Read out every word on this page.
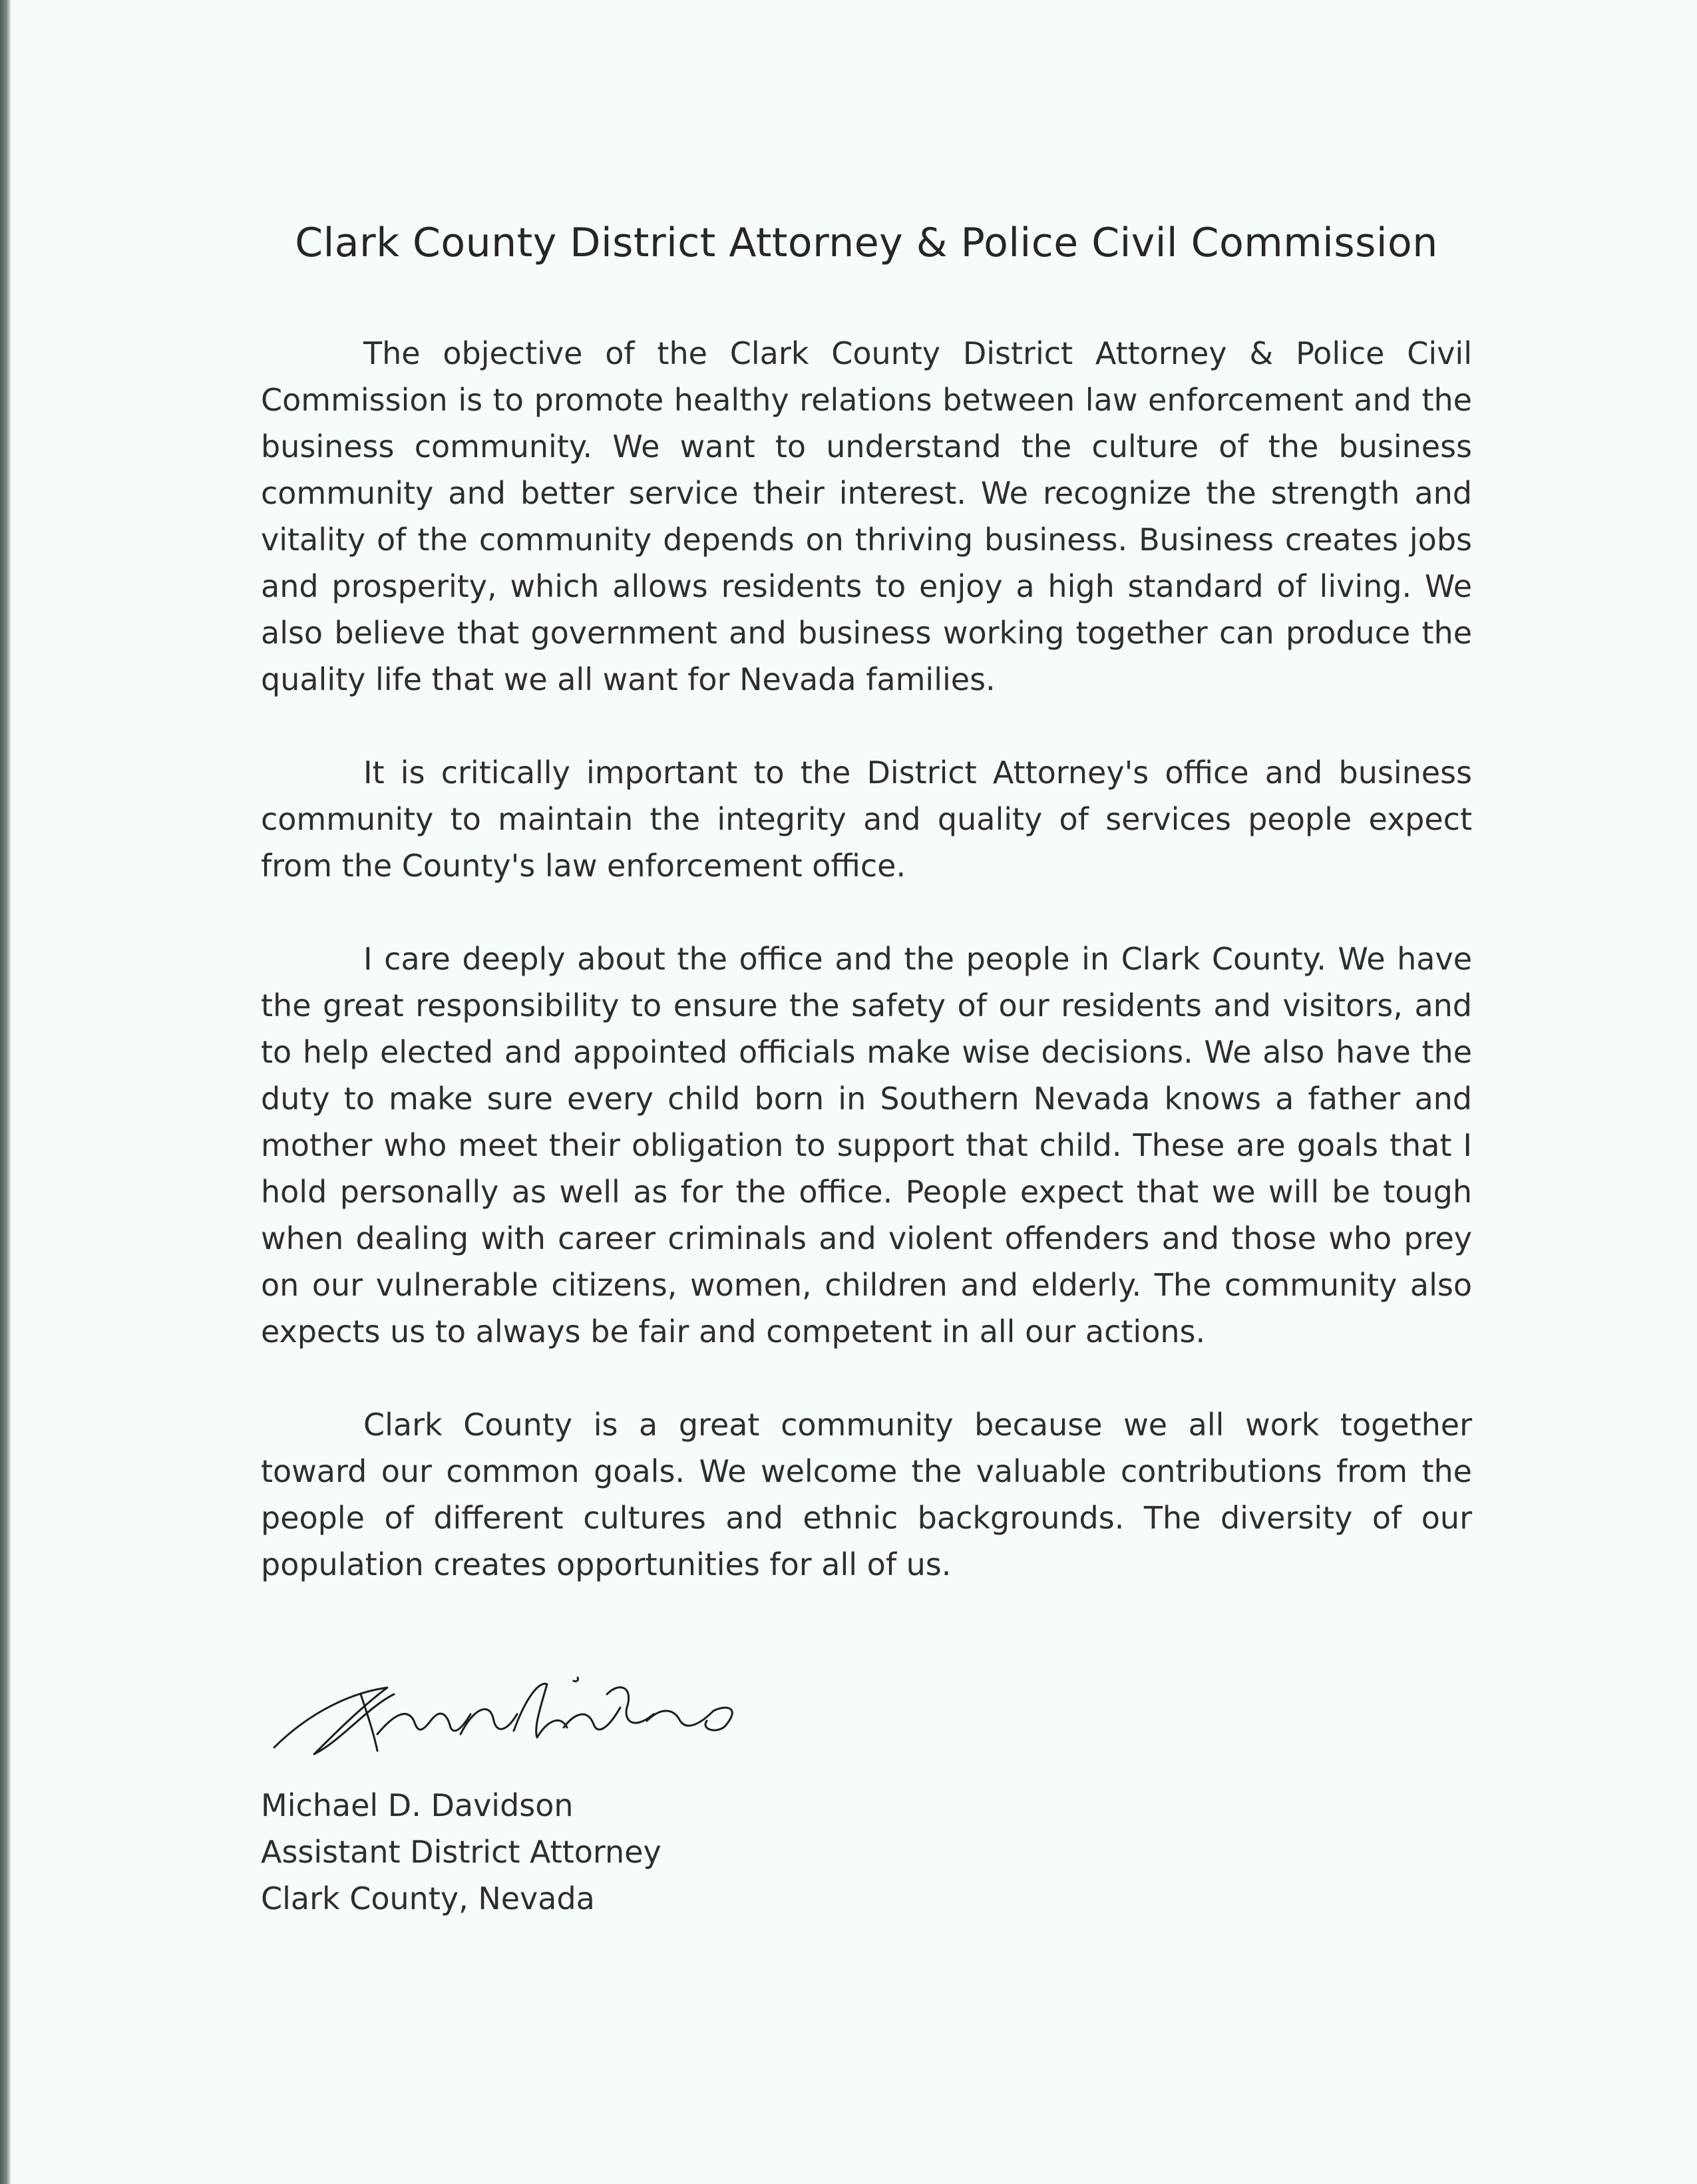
Clark County District Attorney & Police Civil Commission

The objective of the Clark County District Attorney & Police Civil Commission is to promote healthy relations between law enforcement and the business community. We want to understand the culture of the business community and better service their interest. We recognize the strength and vitality of the community depends on thriving business. Business creates jobs and prosperity, which allows residents to enjoy a high standard of living. We also believe that government and business working together can produce the quality life that we all want for Nevada families.

It is critically important to the District Attorney's office and business community to maintain the integrity and quality of services people expect from the County's law enforcement office.

I care deeply about the office and the people in Clark County. We have the great responsibility to ensure the safety of our residents and visitors, and to help elected and appointed officials make wise decisions. We also have the duty to make sure every child born in Southern Nevada knows a father and mother who meet their obligation to support that child. These are goals that I hold personally as well as for the office. People expect that we will be tough when dealing with career criminals and violent offenders and those who prey on our vulnerable citizens, women, children and elderly. The community also expects us to always be fair and competent in all our actions.

Clark County is a great community because we all work together toward our common goals. We welcome the valuable contributions from the people of different cultures and ethnic backgrounds. The diversity of our population creates opportunities for all of us.

Michael D. Davidson
Assistant District Attorney
Clark County, Nevada
